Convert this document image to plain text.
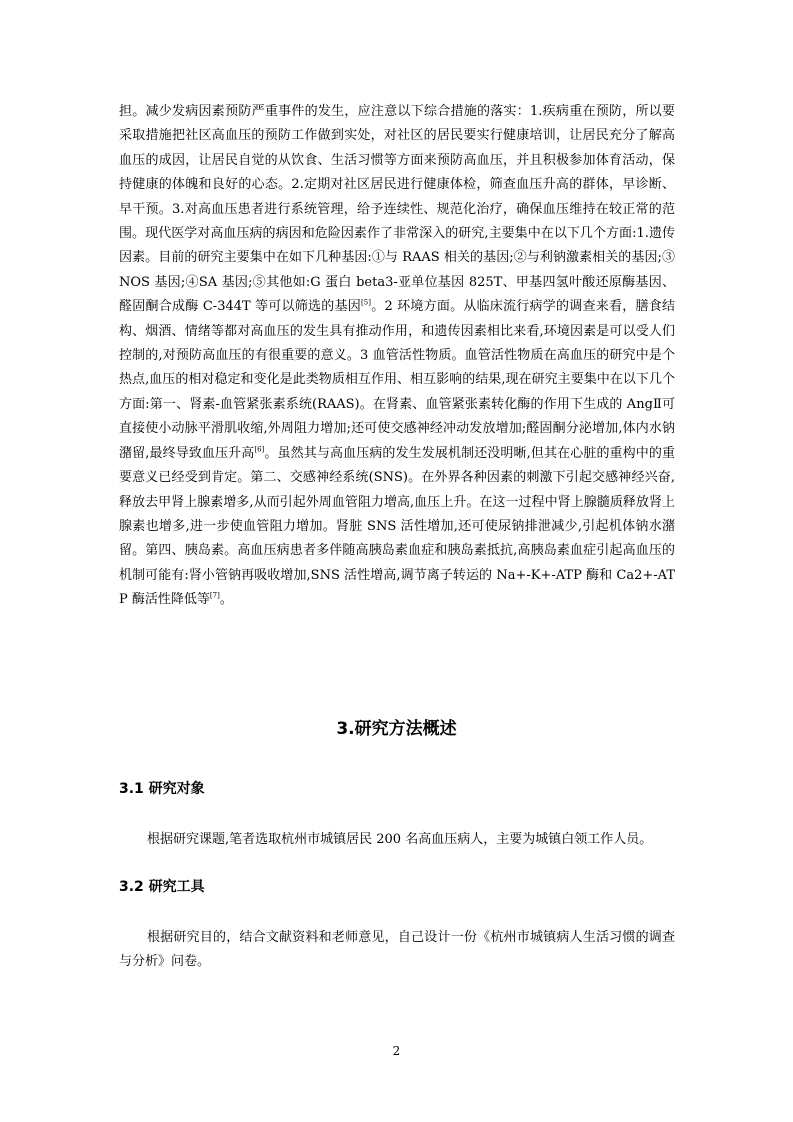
担。减少发病因素预防严重事件的发生，应注意以下综合措施的落实：1.疾病重在预防，所以要采取措施把社区高血压的预防工作做到实处，对社区的居民要实行健康培训，让居民充分了解高血压的成因，让居民自觉的从饮食、生活习惯等方面来预防高血压，并且积极参加体育活动，保持健康的体魄和良好的心态。2.定期对社区居民进行健康体检，筛查血压升高的群体，早诊断、早干预。3.对高血压患者进行系统管理，给予连续性、规范化治疗，确保血压维持在较正常的范围。现代医学对高血压病的病因和危险因素作了非常深入的研究,主要集中在以下几个方面:1.遗传因素。目前的研究主要集中在如下几种基因:①与 RAAS 相关的基因;②与利钠激素相关的基因;③NOS 基因;④SA 基因;⑤其他如:G 蛋白 beta3-亚单位基因 825T、甲基四氢叶酸还原酶基因、醛固酮合成酶 C-344T 等可以筛选的基因[5]。2 环境方面。从临床流行病学的调查来看，膳食结构、烟酒、情绪等都对高血压的发生具有推动作用，和遗传因素相比来看,环境因素是可以受人们控制的,对预防高血压的有很重要的意义。3 血管活性物质。血管活性物质在高血压的研究中是个热点,血压的相对稳定和变化是此类物质相互作用、相互影响的结果,现在研究主要集中在以下几个方面:第一、肾素-血管紧张素系统(RAAS)。在肾素、血管紧张素转化酶的作用下生成的 AngⅡ可直接使小动脉平滑肌收缩,外周阻力增加;还可使交感神经冲动发放增加;醛固酮分泌增加,体内水钠潴留,最终导致血压升高[6]。虽然其与高血压病的发生发展机制还没明晰,但其在心脏的重构中的重要意义已经受到肯定。第二、交感神经系统(SNS)。在外界各种因素的刺激下引起交感神经兴奋,释放去甲肾上腺素增多,从而引起外周血管阻力增高,血压上升。在这一过程中肾上腺髓质释放肾上腺素也增多,进一步使血管阻力增加。肾脏 SNS 活性增加,还可使尿钠排泄减少,引起机体钠水潴留。第四、胰岛素。高血压病患者多伴随高胰岛素血症和胰岛素抵抗,高胰岛素血症引起高血压的机制可能有:肾小管钠再吸收增加,SNS 活性增高,调节离子转运的 Na+-K+-ATP 酶和 Ca2+-ATP 酶活性降低等[7]。

3.研究方法概述
3.1 研究对象

根据研究课题,笔者选取杭州市城镇居民 200 名高血压病人，主要为城镇白领工作人员。

3.2 研究工具

根据研究目的，结合文献资料和老师意见，自己设计一份《杭州市城镇病人生活习惯的调查与分析》问卷。

2
